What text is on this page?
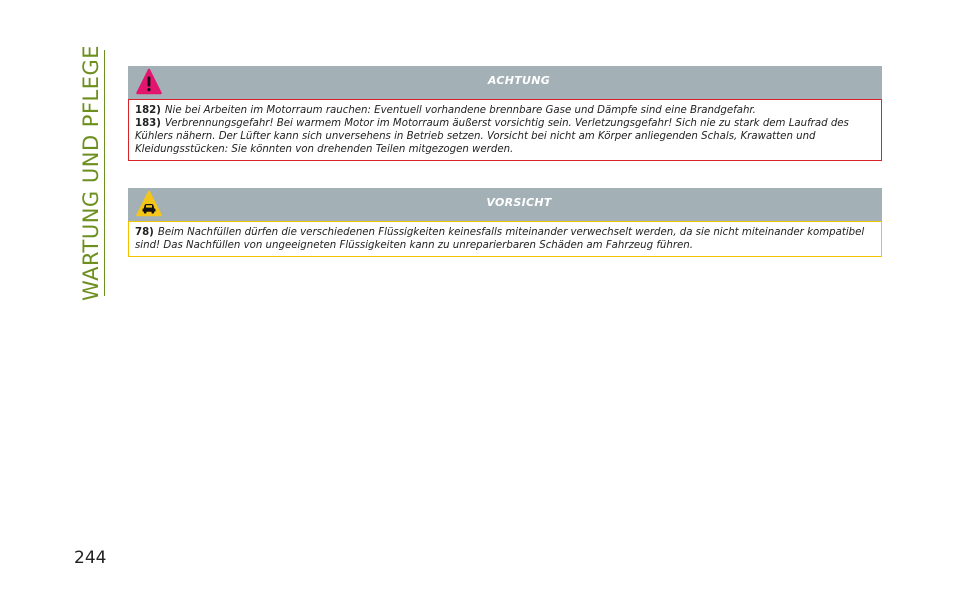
WARTUNG UND PFLEGE	ACHTUNG

182) Nie bei Arbeiten im Motorraum rauchen: Eventuell vorhandene brennbare Gase und Dämpfe sind eine Brandgefahr.

183) Verbrennungsgefahr! Bei warmem Motor im Motorraum äußerst vorsichtig sein. Verletzungsgefahr! Sich nie zu stark dem Laufrad des Kühlers nähern. Der Lüfter kann sich unversehens in Betrieb setzen. Vorsicht bei nicht am Körper anliegenden Schals, Krawatten und Kleidungsstücken: Sie könnten von drehenden Teilen mitgezogen werden.

VORSICHT

78) Beim Nachfüllen dürfen die verschiedenen Flüssigkeiten keinesfalls miteinander verwechselt werden, da sie nicht miteinander kompatibel sind! Das Nachfüllen von ungeeigneten Flüssigkeiten kann zu unreparierbaren Schäden am Fahrzeug führen.

244
